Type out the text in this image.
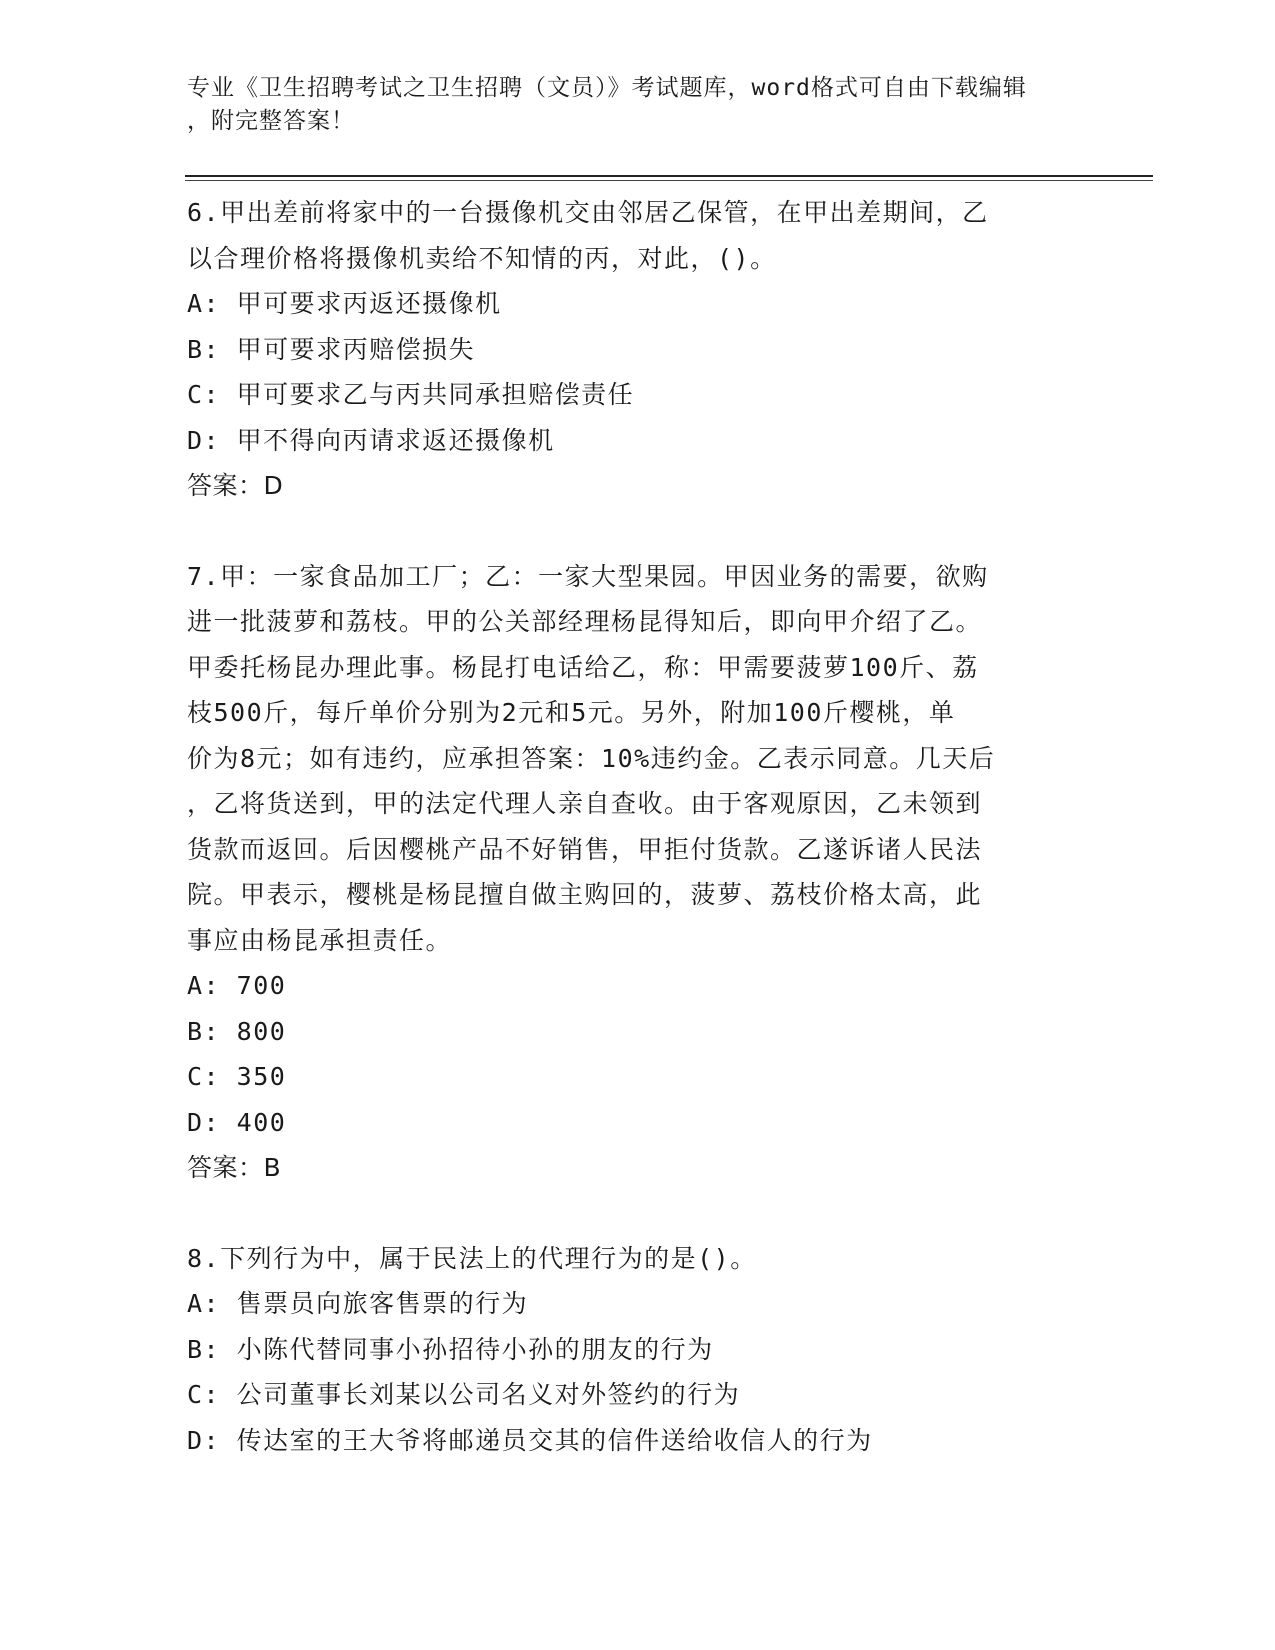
专业《卫生招聘考试之卫生招聘（文员）》考试题库，word格式可自由下载编辑
，附完整答案！
6.甲出差前将家中的一台摄像机交由邻居乙保管，在甲出差期间，乙
以合理价格将摄像机卖给不知情的丙，对此，()。
A: 甲可要求丙返还摄像机
B: 甲可要求丙赔偿损失
C: 甲可要求乙与丙共同承担赔偿责任
D: 甲不得向丙请求返还摄像机
答案：D
7.甲：一家食品加工厂；乙：一家大型果园。甲因业务的需要，欲购
进一批菠萝和荔枝。甲的公关部经理杨昆得知后，即向甲介绍了乙。
甲委托杨昆办理此事。杨昆打电话给乙，称：甲需要菠萝100斤、荔
枝500斤，每斤单价分别为2元和5元。另外，附加100斤樱桃，单
价为8元；如有违约，应承担答案：10%违约金。乙表示同意。几天后
，乙将货送到，甲的法定代理人亲自查收。由于客观原因，乙未领到
货款而返回。后因樱桃产品不好销售，甲拒付货款。乙遂诉诸人民法
院。甲表示，樱桃是杨昆擅自做主购回的，菠萝、荔枝价格太高，此
事应由杨昆承担责任。
A: 700
B: 800
C: 350
D: 400
答案：B
8.下列行为中，属于民法上的代理行为的是()。
A: 售票员向旅客售票的行为
B: 小陈代替同事小孙招待小孙的朋友的行为
C: 公司董事长刘某以公司名义对外签约的行为
D: 传达室的王大爷将邮递员交其的信件送给收信人的行为
